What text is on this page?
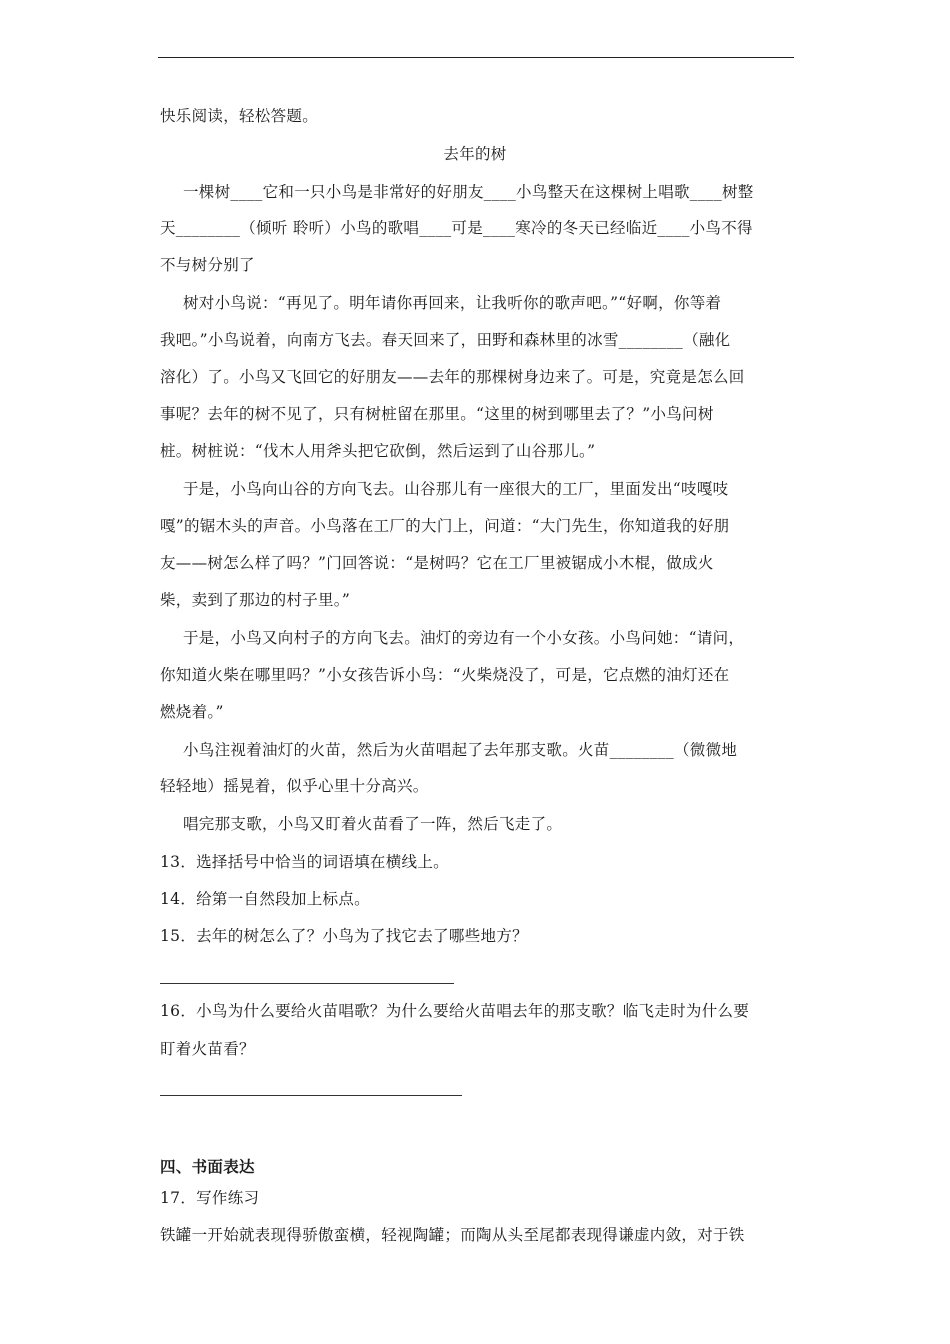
快乐阅读，轻松答题。
去年的树
一棵树____它和一只小鸟是非常好的好朋友____小鸟整天在这棵树上唱歌____树整
天________（倾听 聆听）小鸟的歌唱____可是____寒冷的冬天已经临近____小鸟不得
不与树分别了
树对小鸟说：“再见了。明年请你再回来，让我听你的歌声吧。”“好啊，你等着
我吧。”小鸟说着，向南方飞去。春天回来了，田野和森林里的冰雪________（融化
溶化）了。小鸟又飞回它的好朋友——去年的那棵树身边来了。可是，究竟是怎么回
事呢？去年的树不见了，只有树桩留在那里。“这里的树到哪里去了？”小鸟问树
桩。树桩说：“伐木人用斧头把它砍倒，然后运到了山谷那儿。”
于是，小鸟向山谷的方向飞去。山谷那儿有一座很大的工厂，里面发出“吱嘎吱
嘎”的锯木头的声音。小鸟落在工厂的大门上，问道：“大门先生，你知道我的好朋
友——树怎么样了吗？”门回答说：“是树吗？它在工厂里被锯成小木棍，做成火
柴，卖到了那边的村子里。”
于是，小鸟又向村子的方向飞去。油灯的旁边有一个小女孩。小鸟问她：“请问，
你知道火柴在哪里吗？”小女孩告诉小鸟：“火柴烧没了，可是，它点燃的油灯还在
燃烧着。”
小鸟注视着油灯的火苗，然后为火苗唱起了去年那支歌。火苗________（微微地
轻轻地）摇晃着，似乎心里十分高兴。
唱完那支歌，小鸟又盯着火苗看了一阵，然后飞走了。
13．选择括号中恰当的词语填在横线上。
14．给第一自然段加上标点。
15．去年的树怎么了？小鸟为了找它去了哪些地方？
16．小鸟为什么要给火苗唱歌？为什么要给火苗唱去年的那支歌？临飞走时为什么要
盯着火苗看？
四、书面表达
17．写作练习
铁罐一开始就表现得骄傲蛮横，轻视陶罐；而陶从头至尾都表现得谦虚内敛，对于铁
